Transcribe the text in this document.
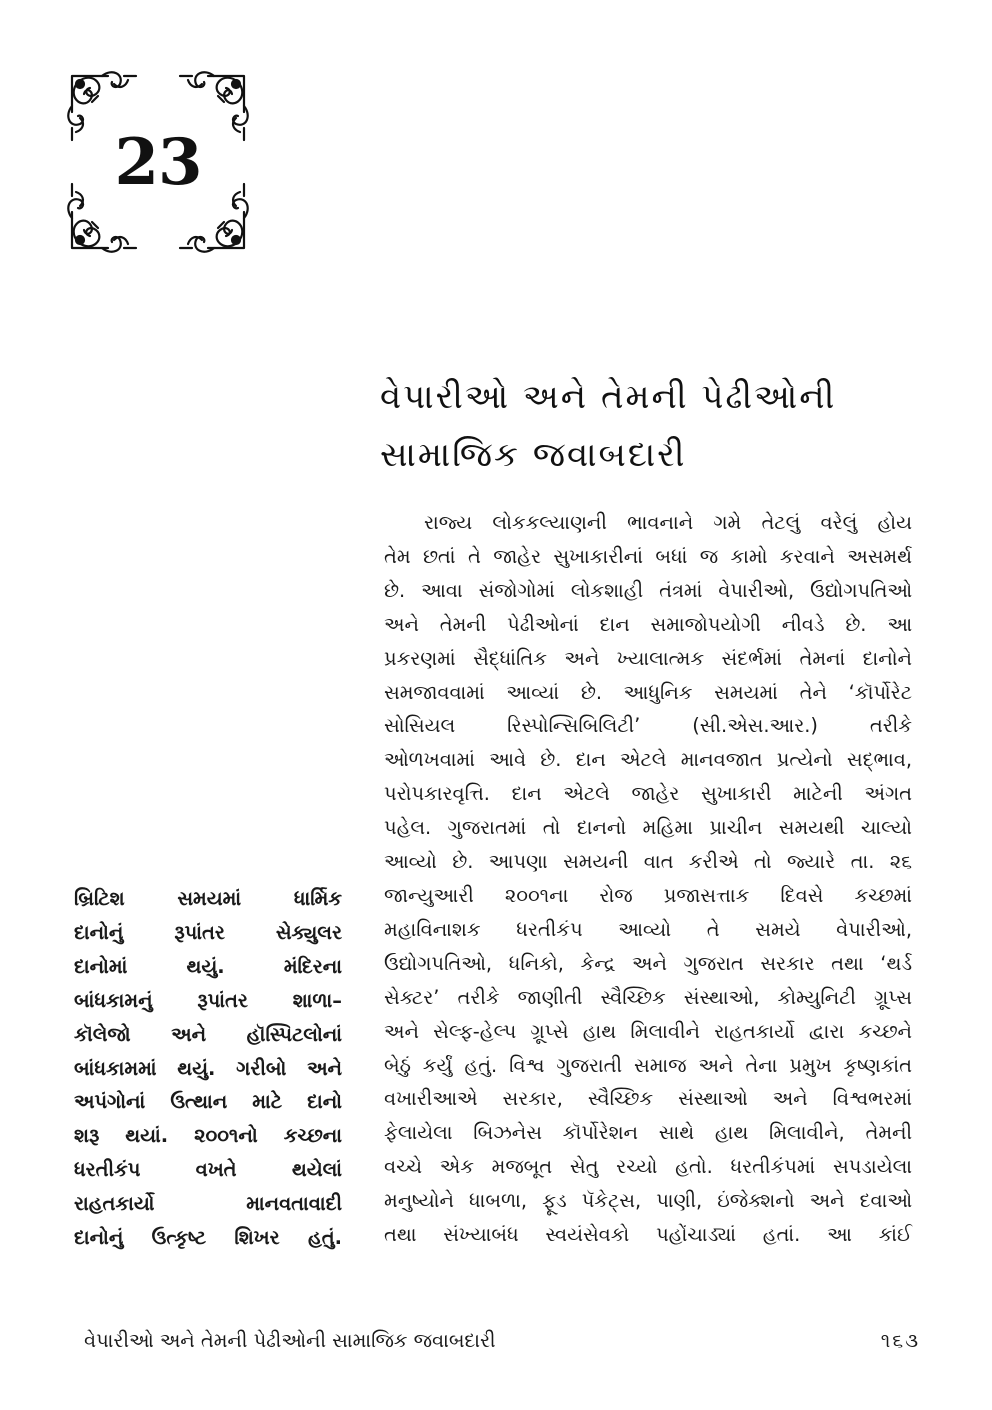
23
વેપારીઓ અને તેમની પેઢીઓની
સામાજિક જવાબદારી
રાજ્ય લોકકલ્યાણની ભાવનાને ગમે તેટલું વરેલું હોય
તેમ છતાં તે જાહેર સુખાકારીનાં બધાં જ કામો કરવાને અસમર્થ
છે. આવા સંજોગોમાં લોકશાહી તંત્રમાં વેપારીઓ, ઉદ્યોગપતિઓ
અને તેમની પેઢીઓનાં દાન સમાજોપયોગી નીવડે છે. આ
પ્રકરણમાં સૈદ્ધાંતિક અને ખ્યાલાત્મક સંદર્ભમાં તેમનાં દાનોને
સમજાવવામાં આવ્યાં છે. આધુનિક સમયમાં તેને ‘કૉર્પોરેટ
સોસિયલ રિસ્પોન્સિબિલિટી’ (સી.એસ.આર.) તરીકે
ઓળખવામાં આવે છે. દાન એટલે માનવજાત પ્રત્યેનો સદ્‌ભાવ,
પરોપકારવૃત્તિ. દાન એટલે જાહેર સુખાકારી માટેની અંગત
પહેલ. ગુજરાતમાં તો દાનનો મહિમા પ્રાચીન સમયથી ચાલ્યો
આવ્યો છે. આપણા સમયની વાત કરીએ તો જ્યારે તા. ૨૬
જાન્યુઆરી ૨૦૦૧ના રોજ પ્રજાસત્તાક દિવસે કચ્છમાં
મહાવિનાશક ધરતીકંપ આવ્યો તે સમયે વેપારીઓ,
ઉદ્યોગપતિઓ, ધનિકો, કેન્દ્ર અને ગુજરાત સરકાર તથા ‘થર્ડ
સેક્ટર’ તરીકે જાણીતી સ્વૈચ્છિક સંસ્થાઓ, કોમ્યુનિટી ગ્રૂપ્સ
અને સેલ્ફ-હેલ્પ ગ્રૂપ્સે હાથ મિલાવીને રાહતકાર્યો દ્વારા કચ્છને
બેઠું કર્યું હતું. વિશ્વ ગુજરાતી સમાજ અને તેના પ્રમુખ કૃષ્ણકાંત
વખારીઆએ સરકાર, સ્વૈચ્છિક સંસ્થાઓ અને વિશ્વભરમાં
ફેલાયેલા બિઝનેસ કૉર્પોરેશન સાથે હાથ મિલાવીને, તેમની
વચ્ચે એક મજબૂત સેતુ રચ્યો હતો. ધરતીકંપમાં સપડાયેલા
મનુષ્યોને ધાબળા, ફૂડ પૅકેટ્સ, પાણી, ઇંજેક્શનો અને દવાઓ
તથા સંખ્યાબંધ સ્વયંસેવકો પહોંચાડ્યાં હતાં. આ કાંઈ
બ્રિટિશ સમયમાં ધાર્મિક
દાનોનું રૂપાંતર સેક્યુલર
દાનોમાં થયું. મંદિરના
બાંધકામનું રૂપાંતર શાળા–
કૉલેજો અને હૉસ્પિટલોનાં
બાંધકામમાં થયું. ગરીબો અને
અપંગોનાં ઉત્થાન માટે દાનો
શરૂ થયાં. ૨૦૦૧નો કચ્છના
ધરતીકંપ વખતે થયેલાં
રાહતકાર્યો માનવતાવાદી
દાનોનું ઉત્કૃષ્ટ શિખર હતું.
વેપારીઓ અને તેમની પેઢીઓની સામાજિક જવાબદારી	૧૬૩
